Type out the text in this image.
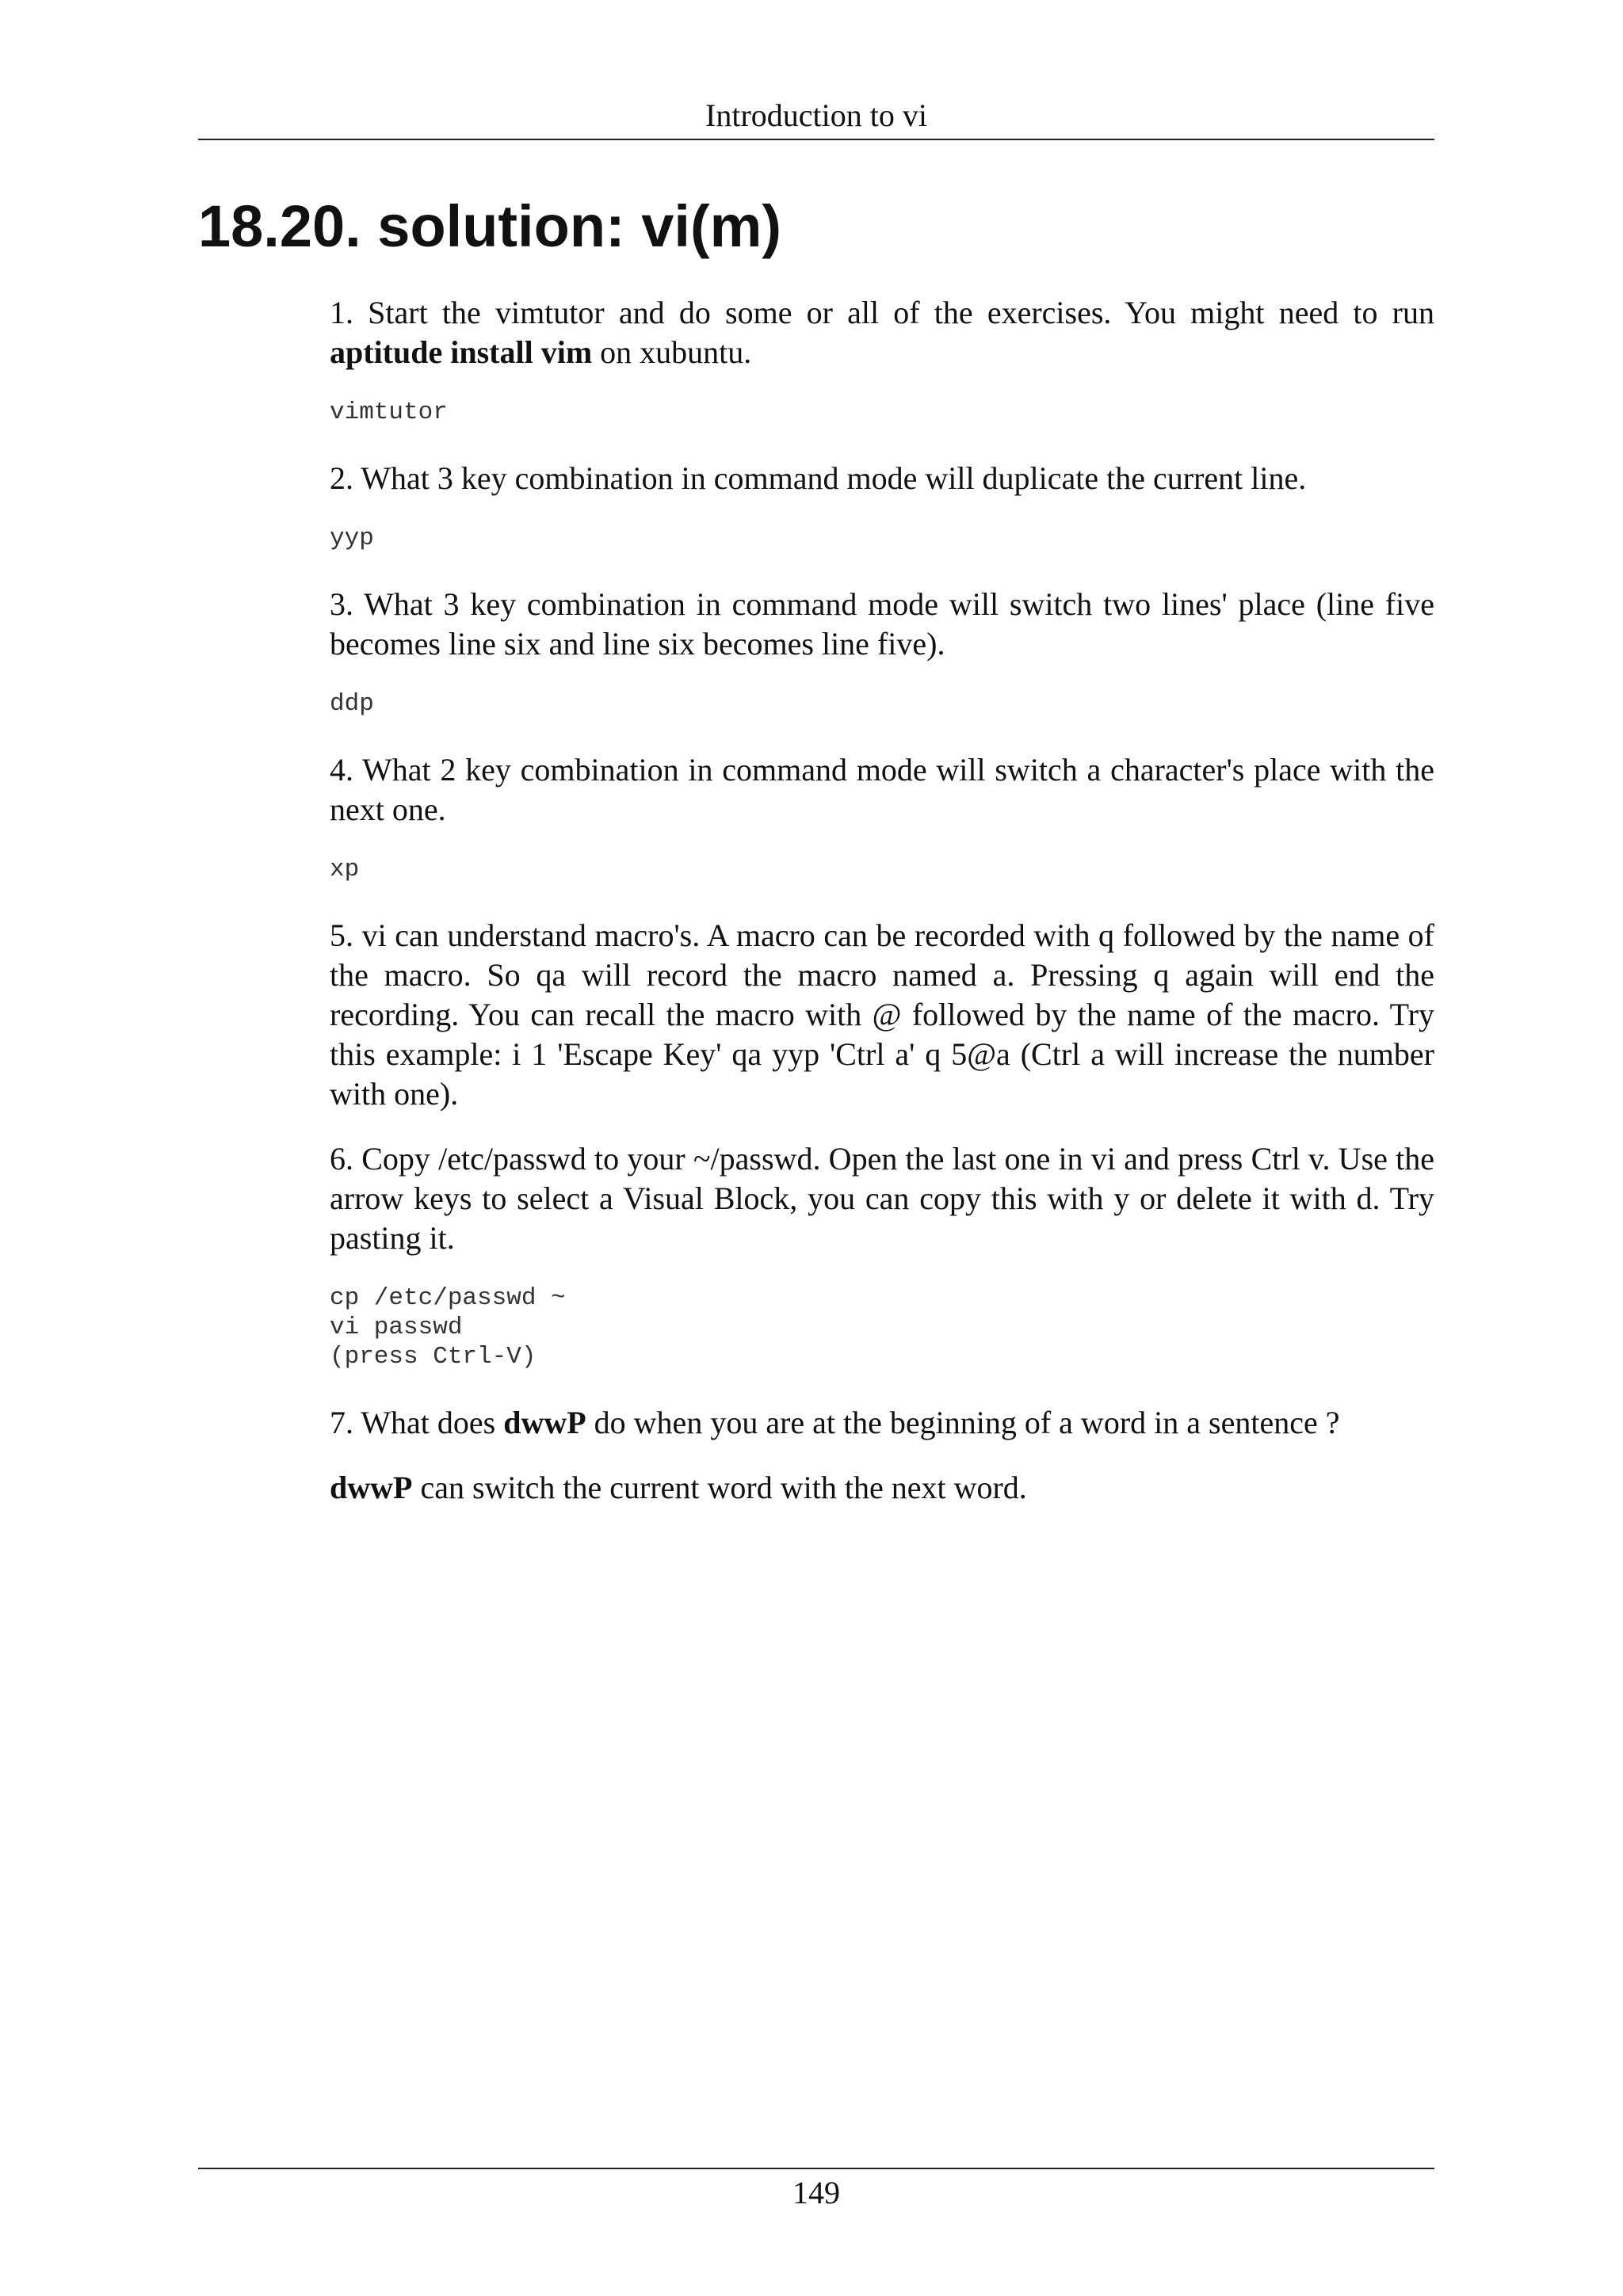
Introduction to vi
18.20. solution: vi(m)

1. Start the vimtutor and do some or all of the exercises. You might need to run aptitude install vim on xubuntu.

vimtutor

2. What 3 key combination in command mode will duplicate the current line.

yyp

3. What 3 key combination in command mode will switch two lines' place (line five becomes line six and line six becomes line five).

ddp

4. What 2 key combination in command mode will switch a character's place with the next one.

xp

5. vi can understand macro's. A macro can be recorded with q followed by the name of the macro. So qa will record the macro named a. Pressing q again will end the recording. You can recall the macro with @ followed by the name of the macro. Try this example: i 1 'Escape Key' qa yyp 'Ctrl a' q 5@a (Ctrl a will increase the number with one).

6. Copy /etc/passwd to your ~/passwd. Open the last one in vi and press Ctrl v. Use the arrow keys to select a Visual Block, you can copy this with y or delete it with d. Try pasting it.

cp /etc/passwd ~
vi passwd
(press Ctrl-V)

7. What does dwwP do when you are at the beginning of a word in a sentence ?

dwwP can switch the current word with the next word.

149
